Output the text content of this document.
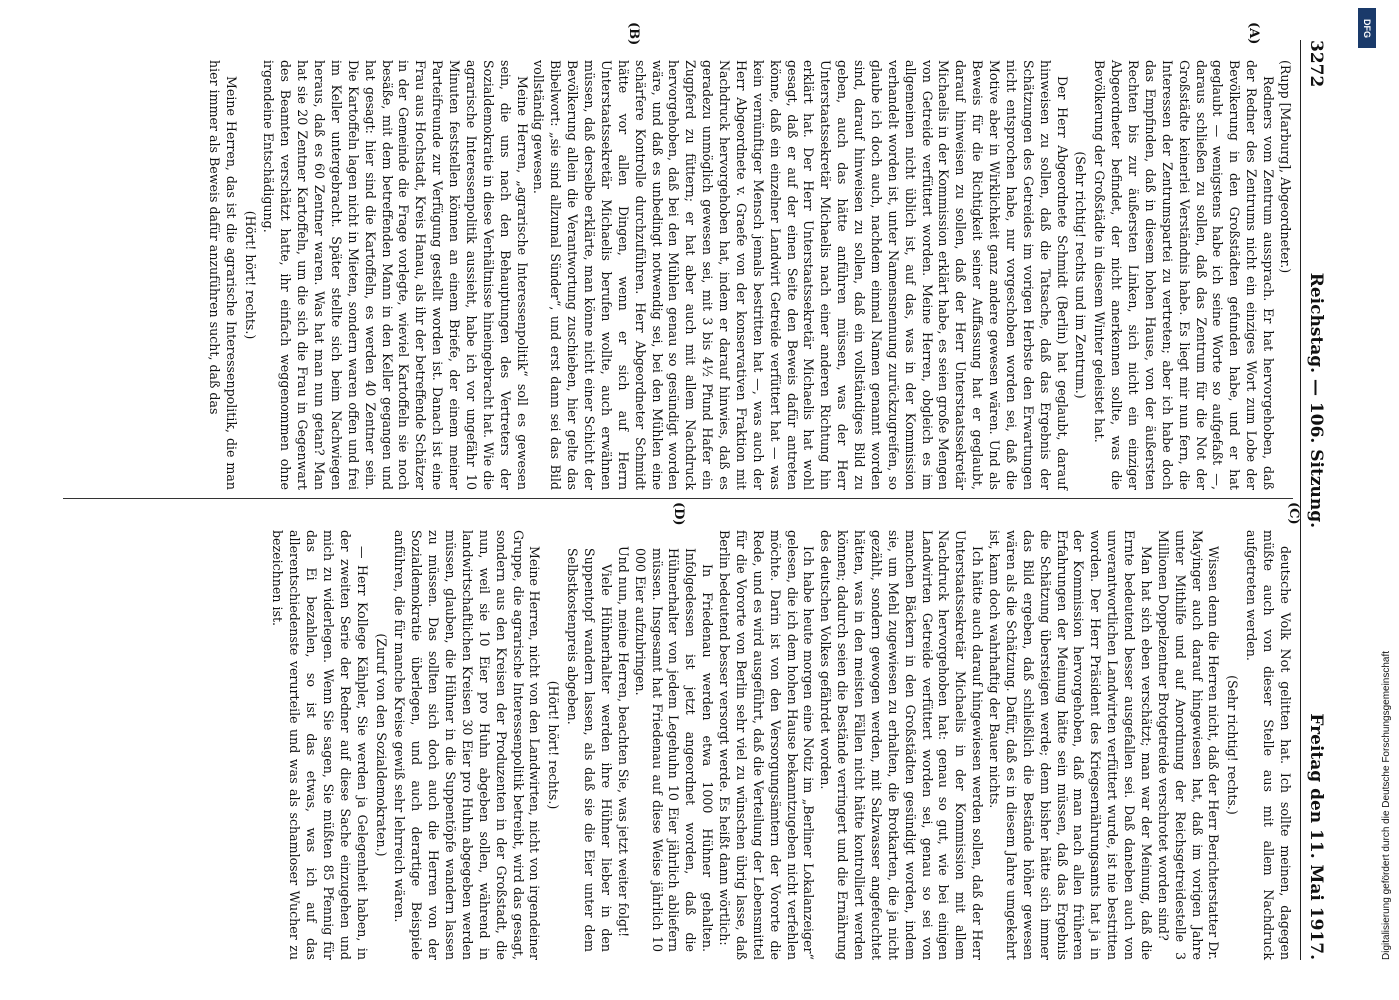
3272
Reichstag. — 106. Sitzung.
Freitag den 11. Mai 1917.
(A)
(B)
(C)
(D)

(Rupp [Marburg], Abgeordneter.)

Redners vom Zentrum aussprach. Er hat hervorgehoben, daß der Redner des Zentrums nicht ein einziges Wort zum Lobe der Bevölkerung in den Großstädten gefunden habe, und er hat geglaubt — wenigstens habe ich seine Worte so aufgefaßt —, daraus schließen zu sollen, daß das Zentrum für die Not der Großstädte keinerlei Verständnis habe. Es liegt mir nun fern, die Interessen der Zentrumspartei zu vertreten; aber ich habe doch das Empfinden, daß in diesem hohen Hause, von der äußersten Rechten bis zur äußersten Linken, sich nicht ein einziger Abgeordneter befindet, der nicht anerkennen sollte, was die Bevölkerung der Großstädte in diesem Winter geleistet hat.

(Sehr richtig! rechts und im Zentrum.)

Der Herr Abgeordnete Schmidt (Berlin) hat geglaubt, darauf hinweisen zu sollen, daß die Tatsache, daß das Ergebnis der Schätzungen des Getreides im vorigen Herbste den Erwartungen nicht entsprochen habe, nur vorgeschoben worden sei, daß die Motive aber in Wirklichkeit ganz andere gewesen wären. Und als Beweis für die Richtigkeit seiner Auffassung hat er geglaubt, darauf hinweisen zu sollen, daß der Herr Unterstaatssekretär Michaelis in der Kommission erklärt habe, es seien große Mengen von Getreide verfüttert worden. Meine Herren, obgleich es im allgemeinen nicht üblich ist, auf das, was in der Kommission verhandelt worden ist, unter Namensnennung zurückzugreifen, so glaube ich doch auch, nachdem einmal Namen genannt worden sind, darauf hinweisen zu sollen, daß ein vollständiges Bild zu geben, auch das hätte anführen müssen, was der Herr Unterstaatssekretär Michaelis nach einer anderen Richtung hin erklärt hat. Der Herr Unterstaatssekretär Michaelis hat wohl gesagt, daß er auf der einen Seite den Beweis dafür antreten könne, daß ein einzelner Landwirt Getreide verfüttert hat — was kein vernünftiger Mensch jemals bestritten hat —, was auch der Herr Abgeordnete v. Graefe von der konservativen Fraktion mit Nachdruck hervorgehoben hat, indem er darauf hinwies, daß es geradezu unmöglich gewesen sei, mit 3 bis 4½ Pfund Hafer ein Zugpferd zu füttern; er hat aber auch mit allem Nachdruck hervorgehoben, daß bei den Mühlen genau so gesündigt worden wäre, und daß es unbedingt notwendig sei, bei den Mühlen eine schärfere Kontrolle durchzuführen. Herr Abgeordneter Schmidt hätte vor allen Dingen, wenn er sich auf Herrn Unterstaatssekretär Michaelis berufen wollte, auch erwähnen müssen, daß derselbe erklärte, man könne nicht einer Schicht der Bevölkerung allein die Verantwortung zuschieben, hier gelte das Bibelwort: „sie sind allzumal Sünder“, und erst dann sei das Bild vollständig gewesen.

Meine Herren, „agrarische Interessenpolitik“ soll es gewesen sein, die uns nach den Behauptungen des Vertreters der Sozialdemokratie in diese Verhältnisse hineingebracht hat. Wie die agrarische Interessenpolitik aussieht, habe ich vor ungefähr 10 Minuten feststellen können an einem Briefe, der einem meiner Parteifreunde zur Verfügung gestellt worden ist. Danach ist eine Frau aus Hochstadt, Kreis Hanau, als ihr der betreffende Schätzer in der Gemeinde die Frage vorlegte, wieviel Kartoffeln sie noch besäße, mit dem betreffenden Mann in den Keller gegangen und hat gesagt: hier sind die Kartoffeln, es werden 40 Zentner sein. Die Kartoffeln lagen nicht in Mieten, sondern waren offen und frei im Keller untergebracht. Später stellte sich beim Nachwiegen heraus, daß es 60 Zentner waren. Was hat man nun getan? Man hat sie 20 Zentner Kartoffeln, um die sich die Frau in Gegenwart des Beamten verschätzt hatte, ihr einfach weggenommen ohne irgendeine Entschädigung.

(Hört! hört! rechts.)

Meine Herren, das ist die agrarische Interessenpolitik, die man hier immer als Beweis dafür anzuführen sucht, daß das

deutsche Volk Not gelitten hat. Ich sollte meinen, dagegen müßte auch von dieser Stelle aus mit allem Nachdruck aufgetreten werden.

(Sehr richtig! rechts.)

Wissen denn die Herren nicht, daß der Herr Berichterstatter Dr. Mayinger auch darauf hingewiesen hat, daß im vorigen Jahre unter Mithilfe und auf Anordnung der Reichsgetreidestelle 3 Millionen Doppelzentner Brotgetreide verschrotet worden sind?

Man hat sich eben verschätzt; man war der Meinung, daß die Ernte bedeutend besser ausgefallen sei. Daß daneben auch von unverantwortlichen Landwirten verfüttert wurde, ist nie bestritten worden. Der Herr Präsident des Kriegsernährungsamts hat ja in der Kommission hervorgehoben, daß man nach allen früheren Erfahrungen der Meinung hätte sein müssen, daß das Ergebnis die Schätzung übersteigen werde; denn bisher hätte sich immer das Bild ergeben, daß schließlich die Bestände höher gewesen wären als die Schätzung. Dafür, daß es in diesem Jahre umgekehrt ist, kann doch wahrhaftig der Bauer nichts.

Ich hätte auch darauf hingewiesen werden sollen, daß der Herr Unterstaatssekretär Michaelis in der Kommission mit allem Nachdruck hervorgehoben hat: genau so gut, wie bei einigen Landwirten Getreide verfüttert worden sei, genau so sei von manchen Bäckern in den Großstädten gesündigt worden, indem sie, um Mehl zugewiesen zu erhalten, die Brotkarten, die ja nicht gezählt, sondern gewogen werden, mit Salzwasser angefeuchtet hätten, was in den meisten Fällen nicht hätte kontrolliert werden können; dadurch seien die Bestände verringert und die Ernährung des deutschen Volkes gefährdet worden.

Ich habe heute morgen eine Notiz im „Berliner Lokalanzeiger“ gelesen, die ich dem hohen Hause bekanntzugeben nicht verfehlen möchte. Darin ist von den Versorgungsämtern der Vororte die Rede, und es wird ausgeführt, daß die Verteilung der Lebensmittel für die Vororte von Berlin sehr viel zu wünschen übrig lasse, daß Berlin bedeutend besser versorgt werde. Es heißt dann wörtlich:

In Friedenau werden etwa 1000 Hühner gehalten. Infolgedessen ist jetzt angeordnet worden, daß die Hühnerhalter von jedem Legehuhn 10 Eier jährlich abliefern müssen. Insgesamt hat Friedenau auf diese Weise jährlich 10 000 Eier aufzubringen.

Und nun, meine Herren, beachten Sie, was jetzt weiter folgt!

Viele Hühnerhalter werden ihre Hühner lieber in den Suppentopf wandern lassen, als daß sie die Eier unter dem Selbstkostenpreis abgeben.

(Hört! hört! rechts.)

Meine Herren, nicht von den Landwirten, nicht von irgendeiner Gruppe, die agrarische Interessenpolitik betreibt, wird das gesagt, sondern aus den Kreisen der Produzenten in der Großstadt, die nun, weil sie 10 Eier pro Huhn abgeben sollen, während in landwirtschaftlichen Kreisen 30 Eier pro Huhn abgegeben werden müssen, glauben, die Hühner in die Suppentöpfe wandern lassen zu müssen. Das sollten sich doch auch die Herren von der Sozialdemokratie überlegen, und auch derartige Beispiele anführen, die für manche Kreise gewiß sehr lehrreich wären.

(Zuruf von den Sozialdemokraten.)

— Herr Kollege Kähpler, Sie werden ja Gelegenheit haben, in der zweiten Serie der Redner auf diese Sache einzugehen und mich zu widerlegen. Wenn Sie sagen, Sie müßten 85 Pfennig für das Ei bezahlen, so ist das etwas, was ich auf das allerentschiedenste verurteile und was als schamloser Wucher zu bezeichnen ist.

DFG
Digitalisierung gefördert durch die Deutsche Forschungsgemeinschaft
